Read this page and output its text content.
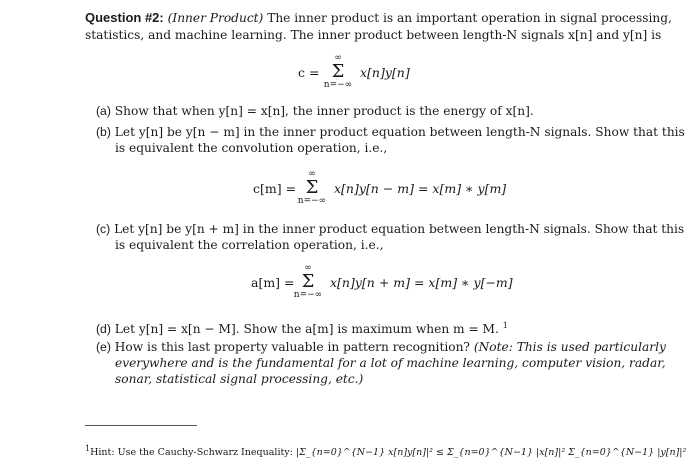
Question #2: (Inner Product) The inner product is an important operation in signal processing,
statistics, and machine learning. The inner product between length-N signals x[n] and y[n] is
c =
∞
Σ
n=−∞
x[n]y[n]
(a) Show that when y[n] = x[n], the inner product is the energy of x[n].
(b) Let y[n] be y[n − m] in the inner product equation between length-N signals. Show that this
is equivalent the convolution operation, i.e.,
c[m] =
∞
Σ
n=−∞
x[n]y[n − m] = x[m] ∗ y[m]
(c) Let y[n] be y[n + m] in the inner product equation between length-N signals. Show that this
is equivalent the correlation operation, i.e.,
a[m] =
∞
Σ
n=−∞
x[n]y[n + m] = x[m] ∗ y[−m]
(d) Let y[n] = x[n − M]. Show the a[m] is maximum when m = M. $^1$
(e) How is this last property valuable in pattern recognition? (Note: This is used particularly
everywhere and is the fundamental for a lot of machine learning, computer vision, radar,
sonar, statistical signal processing, etc.)
$^1$Hint: Use the Cauchy-Schwarz Inequality: |Σ_{n=0}^{N−1} x[n]y[n]|² ≤ Σ_{n=0}^{N−1} |x[n]|² Σ_{n=0}^{N−1} |y[n]|²
